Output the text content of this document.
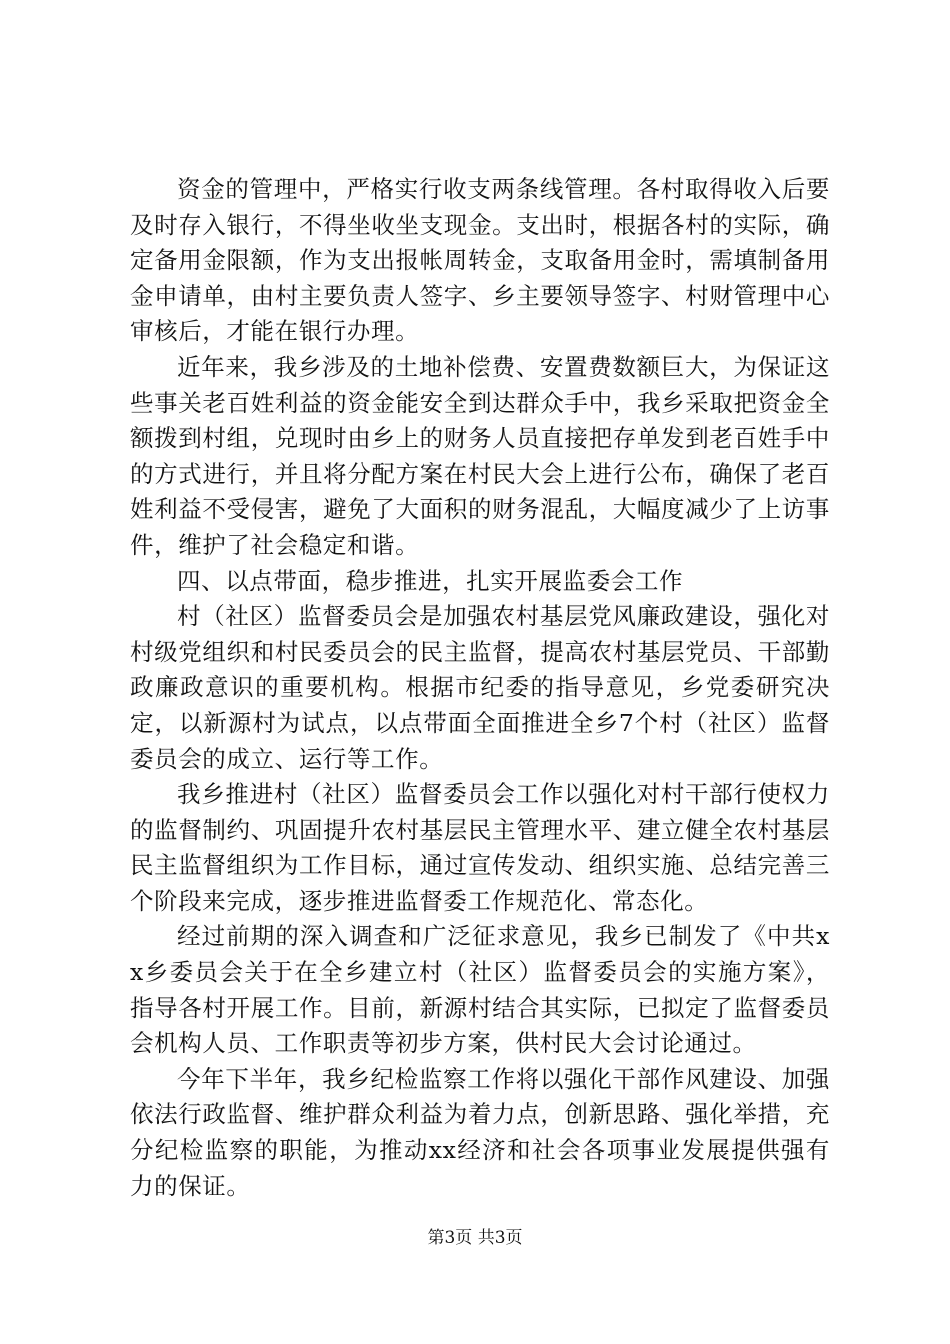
资金的管理中，严格实行收支两条线管理。各村取得收入后要及时存入银行，不得坐收坐支现金。支出时，根据各村的实际，确定备用金限额，作为支出报帐周转金，支取备用金时，需填制备用金申请单，由村主要负责人签字、乡主要领导签字、村财管理中心审核后，才能在银行办理。

近年来，我乡涉及的土地补偿费、安置费数额巨大，为保证这些事关老百姓利益的资金能安全到达群众手中，我乡采取把资金全额拨到村组，兑现时由乡上的财务人员直接把存单发到老百姓手中的方式进行，并且将分配方案在村民大会上进行公布，确保了老百姓利益不受侵害，避免了大面积的财务混乱，大幅度减少了上访事件，维护了社会稳定和谐。

四、以点带面，稳步推进，扎实开展监委会工作

村（社区）监督委员会是加强农村基层党风廉政建设，强化对村级党组织和村民委员会的民主监督，提高农村基层党员、干部勤政廉政意识的重要机构。根据市纪委的指导意见，乡党委研究决定，以新源村为试点，以点带面全面推进全乡7个村（社区）监督委员会的成立、运行等工作。

我乡推进村（社区）监督委员会工作以强化对村干部行使权力的监督制约、巩固提升农村基层民主管理水平、建立健全农村基层民主监督组织为工作目标，通过宣传发动、组织实施、总结完善三个阶段来完成，逐步推进监督委工作规范化、常态化。

经过前期的深入调查和广泛征求意见，我乡已制发了《中共xx乡委员会关于在全乡建立村（社区）监督委员会的实施方案》，指导各村开展工作。目前，新源村结合其实际，已拟定了监督委员会机构人员、工作职责等初步方案，供村民大会讨论通过。

今年下半年，我乡纪检监察工作将以强化干部作风建设、加强依法行政监督、维护群众利益为着力点，创新思路、强化举措，充分纪检监察的职能，为推动xx经济和社会各项事业发展提供强有力的保证。

第3页 共3页
